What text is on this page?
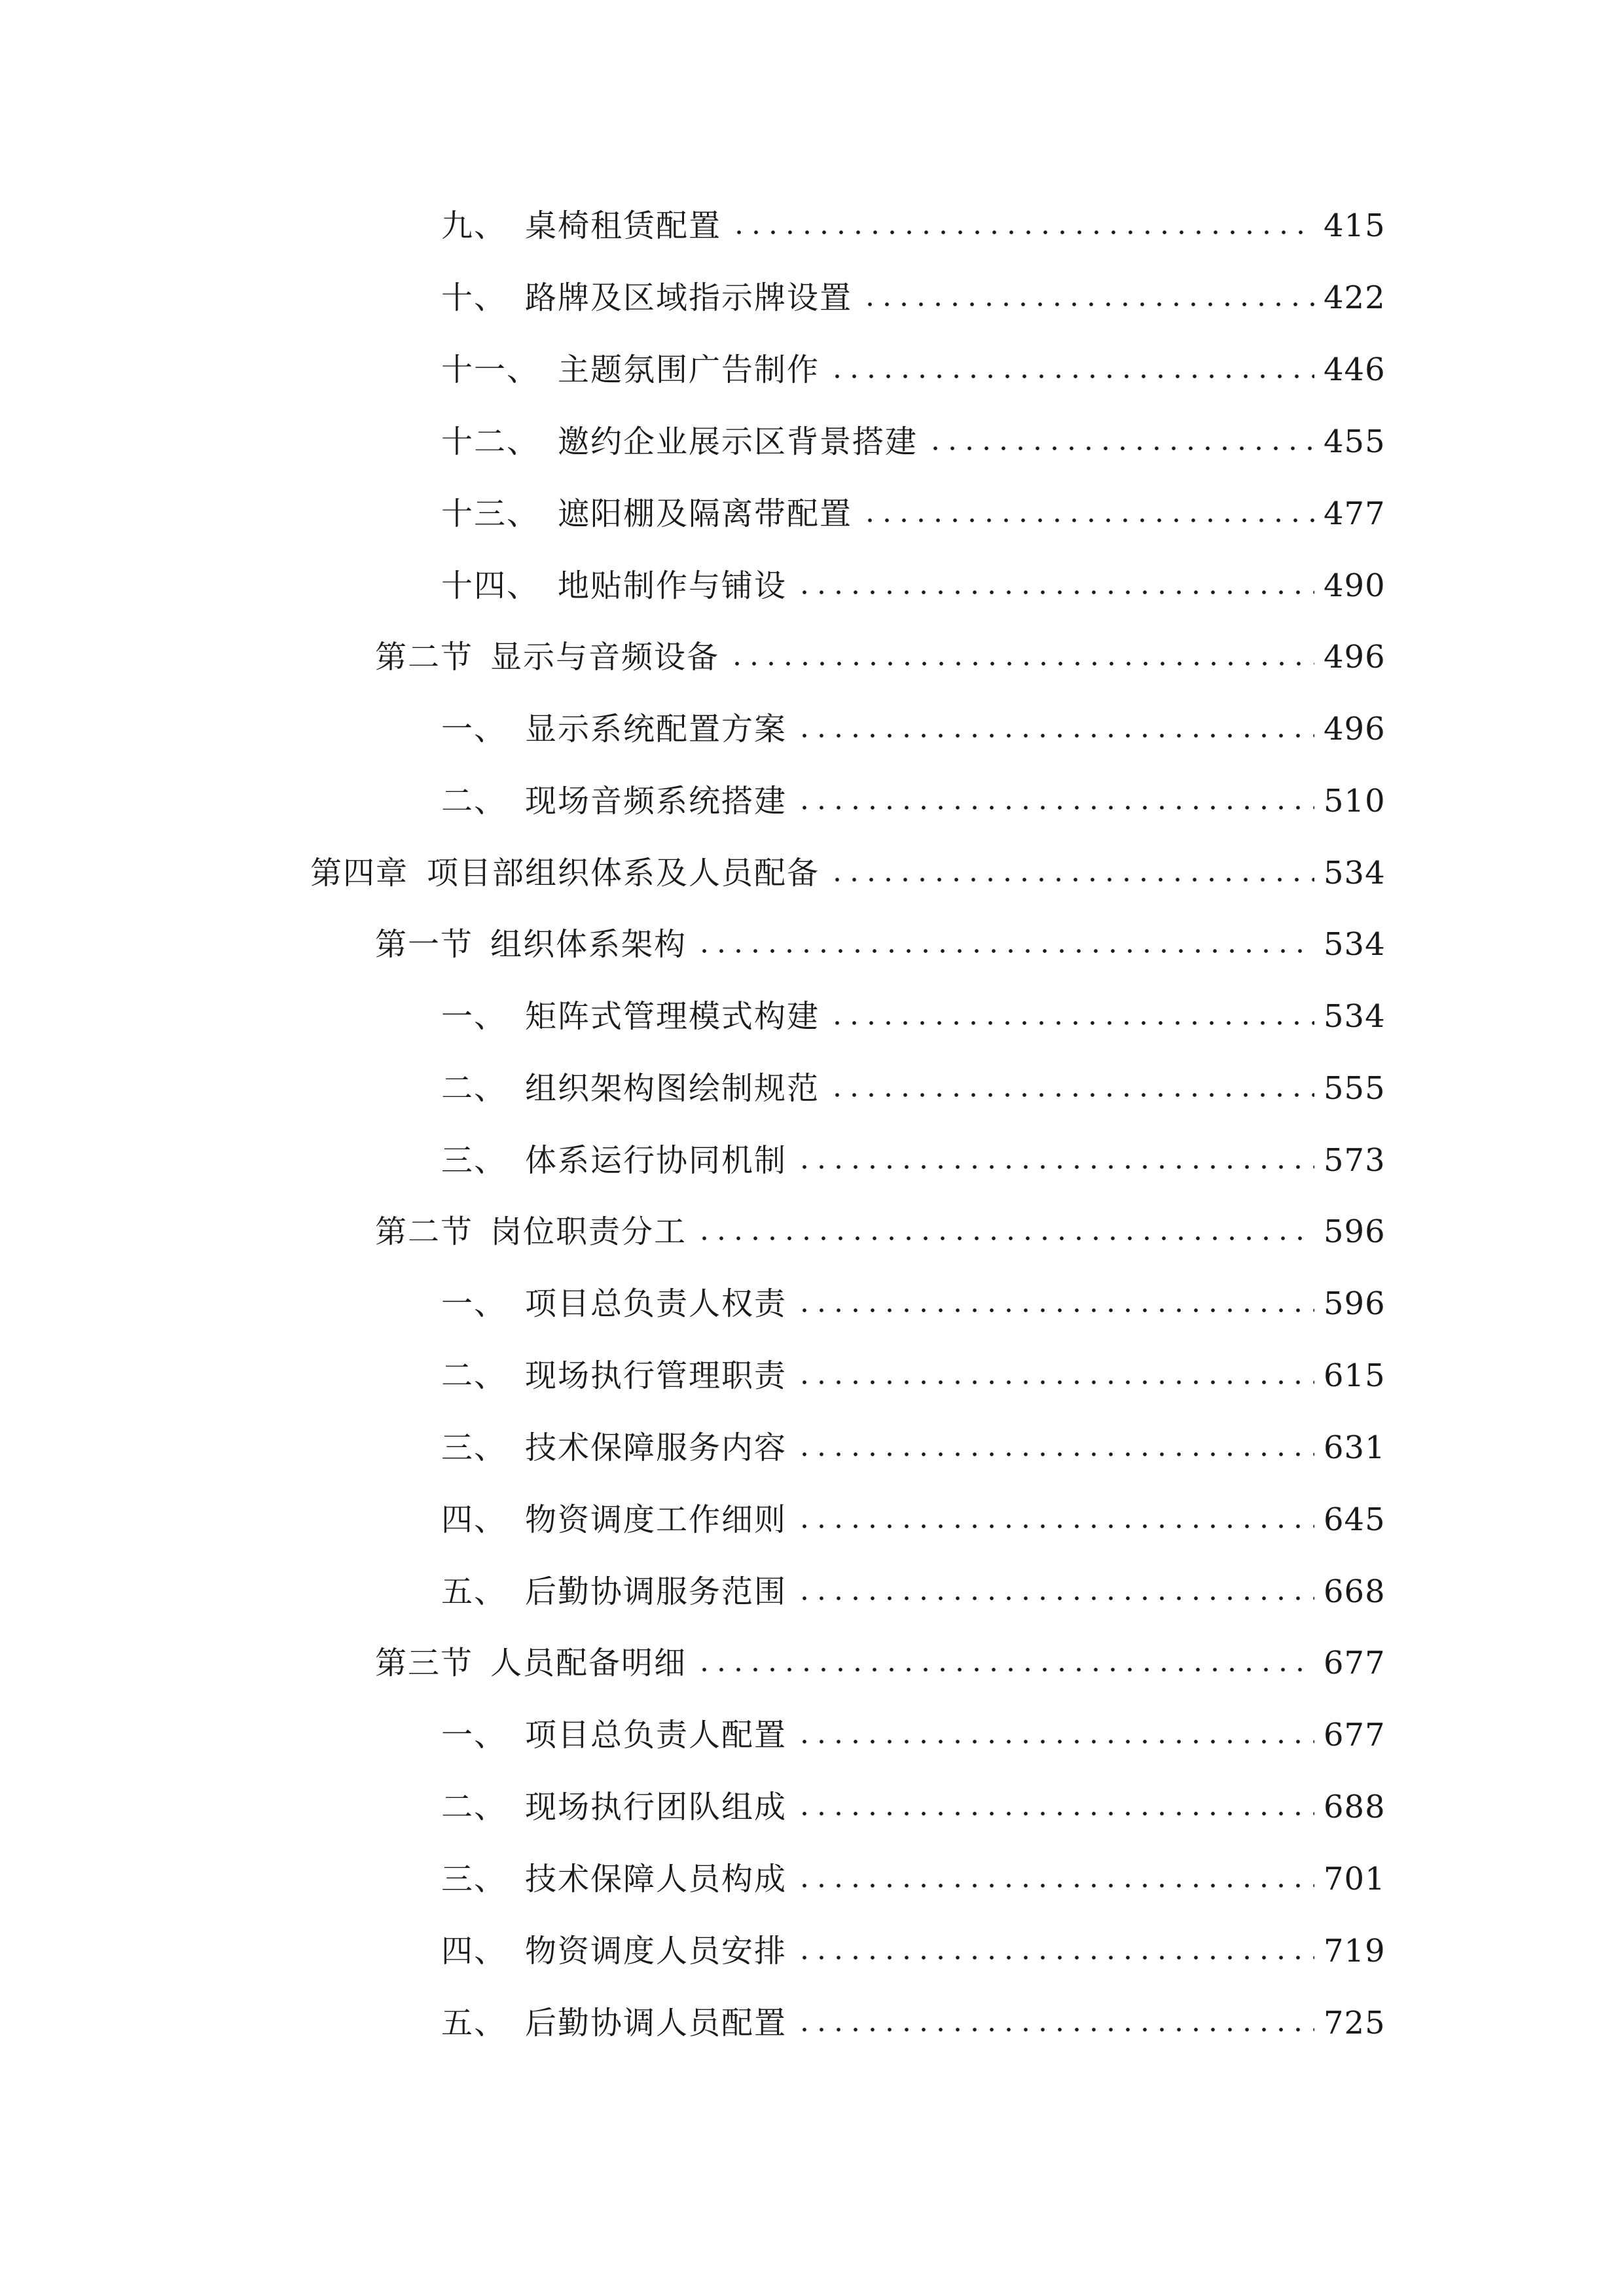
九、 桌椅租赁配置	415
十、 路牌及区域指示牌设置	422
十一、 主题氛围广告制作	446
十二、 邀约企业展示区背景搭建	455
十三、 遮阳棚及隔离带配置	477
十四、 地贴制作与铺设	490
第二节 显示与音频设备	496
一、 显示系统配置方案	496
二、 现场音频系统搭建	510
第四章 项目部组织体系及人员配备	534
第一节 组织体系架构	534
一、 矩阵式管理模式构建	534
二、 组织架构图绘制规范	555
三、 体系运行协同机制	573
第二节 岗位职责分工	596
一、 项目总负责人权责	596
二、 现场执行管理职责	615
三、 技术保障服务内容	631
四、 物资调度工作细则	645
五、 后勤协调服务范围	668
第三节 人员配备明细	677
一、 项目总负责人配置	677
二、 现场执行团队组成	688
三、 技术保障人员构成	701
四、 物资调度人员安排	719
五、 后勤协调人员配置	725
